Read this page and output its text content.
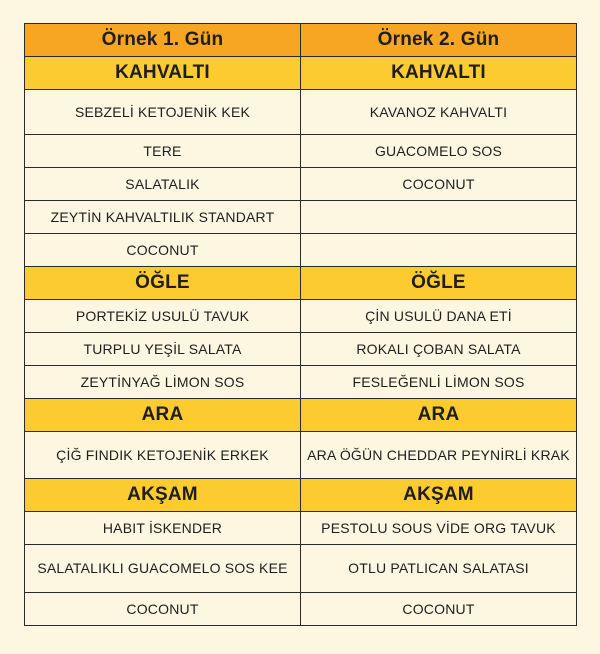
Örnek 1. Gün	Örnek 2. Gün
KAHVALTI	KAHVALTI
SEBZELİ KETOJENİK KEK	KAVANOZ KAHVALTI
TERE	GUACOMELO SOS
SALATALIK	COCONUT
ZEYTİN KAHVALTILIK STANDART	
COCONUT	
ÖĞLE	ÖĞLE
PORTEKİZ USULÜ TAVUK	ÇİN USULÜ DANA ETİ
TURPLU YEŞİL SALATA	ROKALI ÇOBAN SALATA
ZEYTİNYAĞ LİMON SOS	FESLEĞENLİ LİMON SOS
ARA	ARA
ÇİĞ FINDIK KETOJENİK ERKEK	ARA ÖĞÜN CHEDDAR PEYNİRLİ KRAK
AKŞAM	AKŞAM
HABIT İSKENDER	PESTOLU SOUS VİDE ORG TAVUK
SALATALIKLI GUACOMELO SOS KEE	OTLU PATLICAN SALATASI
COCONUT	COCONUT
